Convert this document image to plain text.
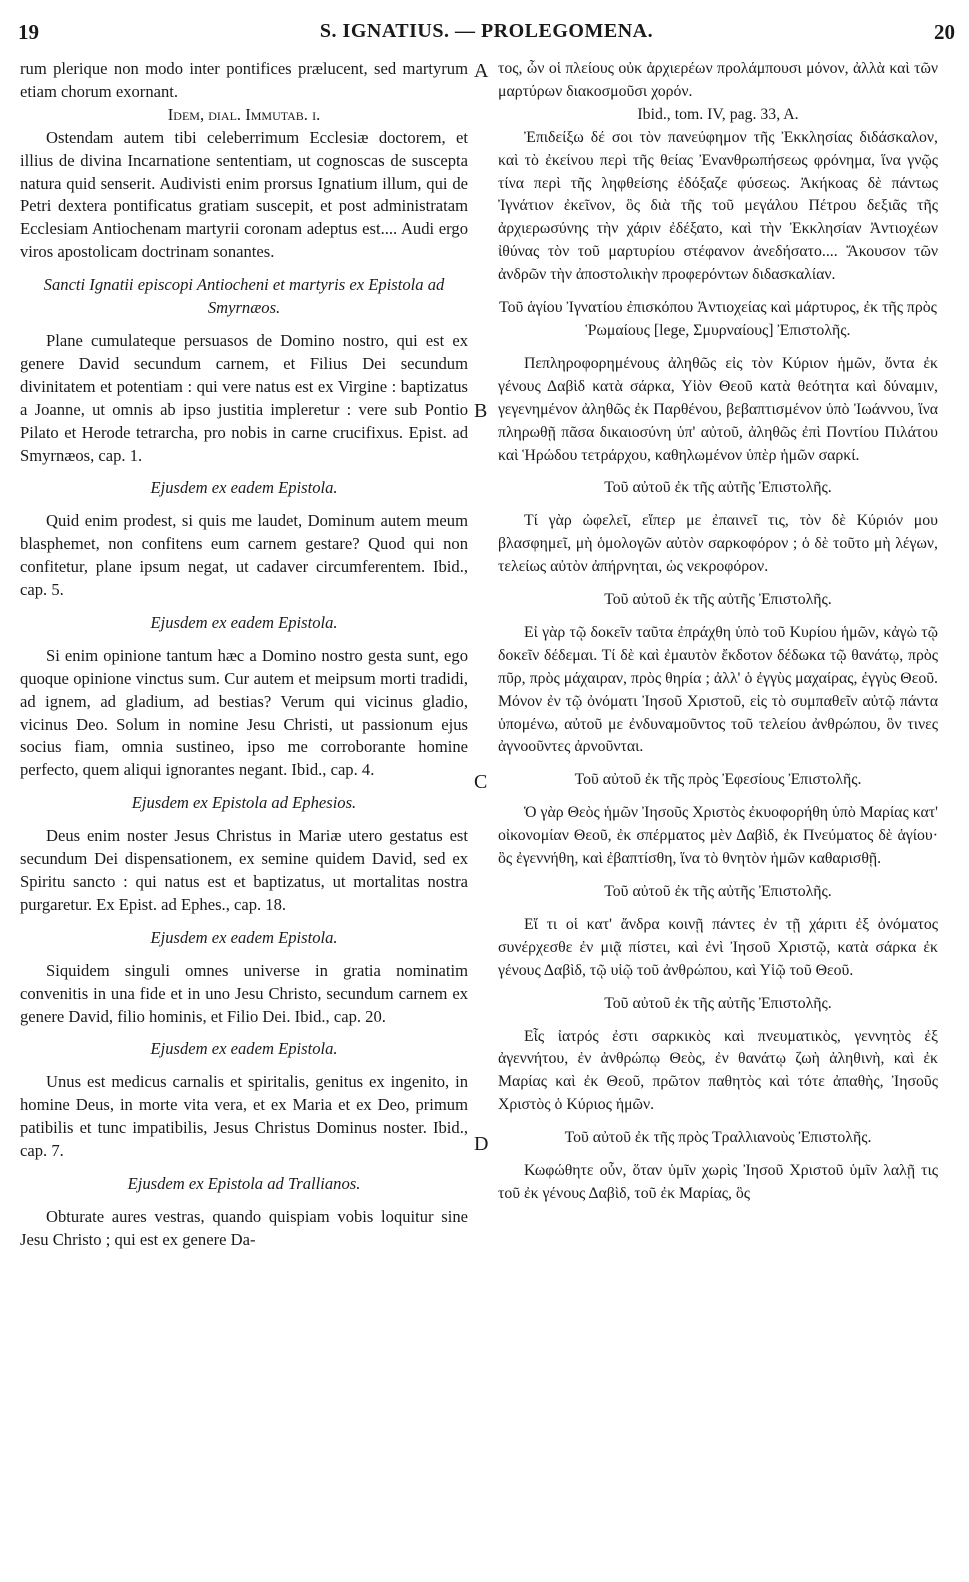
19	S. IGNATIUS. — PROLEGOMENA.	20
A
B
C
D

rum plerique non modo inter pontifices prælucent, sed martyrum etiam chorum exornant.

Idem, dial. Immutab. i.

Ostendam autem tibi celeberrimum Ecclesiæ doctorem, et illius de divina Incarnatione sententiam, ut cognoscas de suscepta natura quid senserit. Audivisti enim prorsus Ignatium illum, qui de Petri dextera pontificatus gratiam suscepit, et post administratam Ecclesiam Antiochenam martyrii coronam adeptus est.... Audi ergo viros apostolicam doctrinam sonantes.

Sancti Ignatii episcopi Antiocheni et martyris ex Epistola ad Smyrnæos.

Plane cumulateque persuasos de Domino nostro, qui est ex genere David secundum carnem, et Filius Dei secundum divinitatem et potentiam : qui vere natus est ex Virgine : baptizatus a Joanne, ut omnis ab ipso justitia impleretur : vere sub Pontio Pilato et Herode tetrarcha, pro nobis in carne crucifixus. Epist. ad Smyrnæos, cap. 1.

Ejusdem ex eadem Epistola.

Quid enim prodest, si quis me laudet, Dominum autem meum blasphemet, non confitens eum carnem gestare? Quod qui non confitetur, plane ipsum negat, ut cadaver circumferentem. Ibid., cap. 5.

Ejusdem ex eadem Epistola.

Si enim opinione tantum hæc a Domino nostro gesta sunt, ego quoque opinione vinctus sum. Cur autem et meipsum morti tradidi, ad ignem, ad gladium, ad bestias? Verum qui vicinus gladio, vicinus Deo. Solum in nomine Jesu Christi, ut passionum ejus socius fiam, omnia sustineo, ipso me corroborante homine perfecto, quem aliqui ignorantes negant. Ibid., cap. 4.

Ejusdem ex Epistola ad Ephesios.

Deus enim noster Jesus Christus in Mariæ utero gestatus est secundum Dei dispensationem, ex semine quidem David, sed ex Spiritu sancto : qui natus est et baptizatus, ut mortalitas nostra purgaretur. Ex Epist. ad Ephes., cap. 18.

Ejusdem ex eadem Epistola.

Siquidem singuli omnes universe in gratia nominatim convenitis in una fide et in uno Jesu Christo, secundum carnem ex genere David, filio hominis, et Filio Dei. Ibid., cap. 20.

Ejusdem ex eadem Epistola.

Unus est medicus carnalis et spiritalis, genitus ex ingenito, in homine Deus, in morte vita vera, et ex Maria et ex Deo, primum patibilis et tunc impatibilis, Jesus Christus Dominus noster. Ibid., cap. 7.

Ejusdem ex Epistola ad Trallianos.

Obturate aures vestras, quando quispiam vobis loquitur sine Jesu Christo ; qui est ex genere Da-

τος, ὧν οἱ πλείους οὐκ ἀρχιερέων προλάμπουσι μόνον, ἀλλὰ καὶ τῶν μαρτύρων διακοσμοῦσι χορόν.

Ibid., tom. IV, pag. 33, A.

Ἐπιδείξω δέ σοι τὸν πανεύφημον τῆς Ἐκκλησίας διδάσκαλον, καὶ τὸ ἐκείνου περὶ τῆς θείας Ἐνανθρωπήσεως φρόνημα, ἵνα γνῷς τίνα περὶ τῆς ληφθείσης ἐδόξαζε φύσεως. Ἀκήκοας δὲ πάντως Ἰγνάτιον ἐκεῖνον, ὃς διὰ τῆς τοῦ μεγάλου Πέτρου δεξιᾶς τῆς ἀρχιερωσύνης τὴν χάριν ἐδέξατο, καὶ τὴν Ἐκκλησίαν Ἀντιοχέων ἰθύνας τὸν τοῦ μαρτυρίου στέφανον ἀνεδήσατο.... Ἄκουσον τῶν ἀνδρῶν τὴν ἀποστολικὴν προφερόντων διδασκαλίαν.

Τοῦ ἁγίου Ἰγνατίου ἐπισκόπου Ἀντιοχείας καὶ μάρτυρος, ἐκ τῆς πρὸς Ῥωμαίους [lege, Σμυρναίους] Ἐπιστολῆς.

Πεπληροφορημένους ἀληθῶς εἰς τὸν Κύριον ἡμῶν, ὄντα ἐκ γένους Δαβὶδ κατὰ σάρκα, Υἱὸν Θεοῦ κατὰ θεότητα καὶ δύναμιν, γεγενημένον ἀληθῶς ἐκ Παρθένου, βεβαπτισμένον ὑπὸ Ἰωάννου, ἵνα πληρωθῇ πᾶσα δικαιοσύνη ὑπ' αὐτοῦ, ἀληθῶς ἐπὶ Ποντίου Πιλάτου καὶ Ἡρώδου τετράρχου, καθηλωμένον ὑπὲρ ἡμῶν σαρκί.

Τοῦ αὐτοῦ ἐκ τῆς αὐτῆς Ἐπιστολῆς.

Τί γὰρ ὠφελεῖ, εἴπερ με ἐπαινεῖ τις, τὸν δὲ Κύριόν μου βλασφημεῖ, μὴ ὁμολογῶν αὐτὸν σαρκοφόρον ; ὁ δὲ τοῦτο μὴ λέγων, τελείως αὐτὸν ἀπήρνηται, ὡς νεκροφόρον.

Τοῦ αὐτοῦ ἐκ τῆς αὐτῆς Ἐπιστολῆς.

Εἰ γὰρ τῷ δοκεῖν ταῦτα ἐπράχθη ὑπὸ τοῦ Κυρίου ἡμῶν, κἀγὼ τῷ δοκεῖν δέδεμαι. Τί δὲ καὶ ἐμαυτὸν ἔκδοτον δέδωκα τῷ θανάτῳ, πρὸς πῦρ, πρὸς μάχαιραν, πρὸς θηρία ; ἀλλ' ὁ ἐγγὺς μαχαίρας, ἐγγὺς Θεοῦ. Μόνον ἐν τῷ ὀνόματι Ἰησοῦ Χριστοῦ, εἰς τὸ συμπαθεῖν αὐτῷ πάντα ὑπομένω, αὐτοῦ με ἐνδυναμοῦντος τοῦ τελείου ἀνθρώπου, ὃν τινες ἀγνοοῦντες ἀρνοῦνται.

Τοῦ αὐτοῦ ἐκ τῆς πρὸς Ἐφεσίους Ἐπιστολῆς.

Ὁ γὰρ Θεὸς ἡμῶν Ἰησοῦς Χριστὸς ἐκυοφορήθη ὑπὸ Μαρίας κατ' οἰκονομίαν Θεοῦ, ἐκ σπέρματος μὲν Δαβὶδ, ἐκ Πνεύματος δὲ ἁγίου· ὃς ἐγεννήθη, καὶ ἐβαπτίσθη, ἵνα τὸ θνητὸν ἡμῶν καθαρισθῇ.

Τοῦ αὐτοῦ ἐκ τῆς αὐτῆς Ἐπιστολῆς.

Εἴ τι οἱ κατ' ἄνδρα κοινῇ πάντες ἐν τῇ χάριτι ἐξ ὀνόματος συνέρχεσθε ἐν μιᾷ πίστει, καὶ ἐνὶ Ἰησοῦ Χριστῷ, κατὰ σάρκα ἐκ γένους Δαβὶδ, τῷ υἱῷ τοῦ ἀνθρώπου, καὶ Υἱῷ τοῦ Θεοῦ.

Τοῦ αὐτοῦ ἐκ τῆς αὐτῆς Ἐπιστολῆς.

Εἷς ἰατρός ἐστι σαρκικὸς καὶ πνευματικὸς, γεννητὸς ἐξ ἀγεννήτου, ἐν ἀνθρώπῳ Θεὸς, ἐν θανάτῳ ζωὴ ἀληθινὴ, καὶ ἐκ Μαρίας καὶ ἐκ Θεοῦ, πρῶτον παθητὸς καὶ τότε ἀπαθὴς, Ἰησοῦς Χριστὸς ὁ Κύριος ἡμῶν.

Τοῦ αὐτοῦ ἐκ τῆς πρὸς Τραλλιανοὺς Ἐπιστολῆς.

Κωφώθητε οὖν, ὅταν ὑμῖν χωρὶς Ἰησοῦ Χριστοῦ ὑμῖν λαλῇ τις τοῦ ἐκ γένους Δαβὶδ, τοῦ ἐκ Μαρίας, ὃς
